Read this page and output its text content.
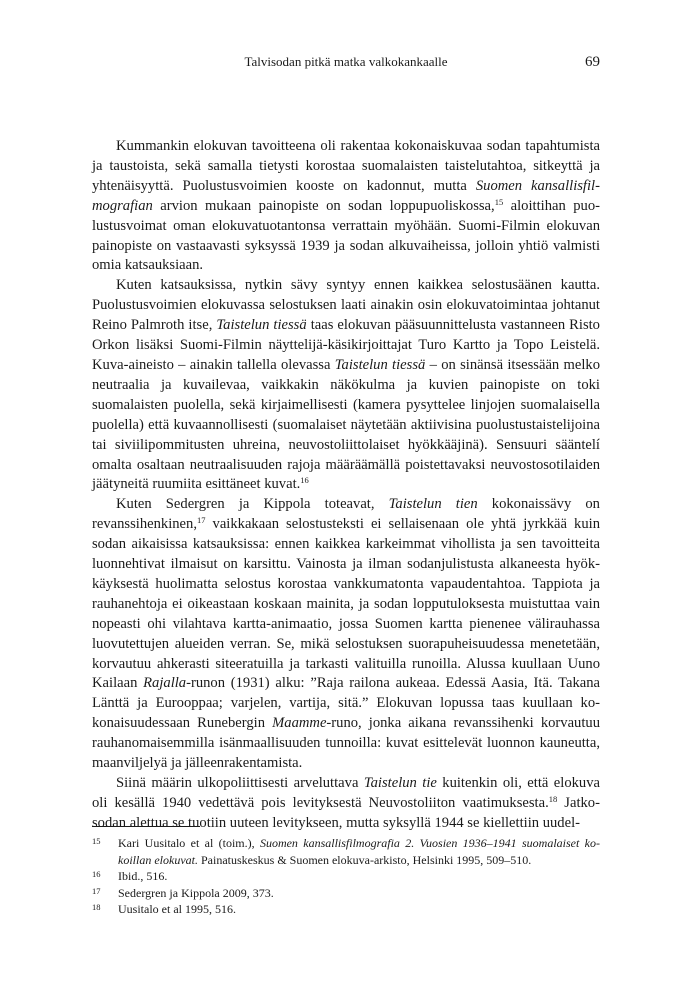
Talvisodan pitkä matka valkokankaalle	69

Kummankin elokuvan tavoitteena oli rakentaa kokonaiskuvaa sodan tapahtumista ja taustoista, sekä samalla tietysti korostaa suomalaisten taistelutahtoa, sitkeyttä ja yhtenäisyyttä. Puolustusvoimien kooste on kadonnut, mutta Suomen kansallisfilmografian arvion mukaan painopiste on sodan loppupuoliskossa,$^{15}$ aloittihan puolustusvoimat oman elokuvatuotantonsa verrattain myöhään. Suomi-Filmin elokuvan painopiste on vastaavasti syksyssä 1939 ja sodan alkuvaiheissa, jolloin yhtiö valmisti omia katsauksiaan.

Kuten katsauksissa, nytkin sävy syntyy ennen kaikkea selostusäänen kautta. Puolustusvoimien elokuvassa selostuksen laati ainakin osin elokuvatoimintaa johtanut Reino Palmroth itse, Taistelun tiessä taas elokuvan pääsuunnittelusta vastanneen Risto Orkon lisäksi Suomi-Filmin näyttelijä-käsikirjoittajat Turo Kartto ja Topo Leistelä. Kuva-aineisto – ainakin tallella olevassa Taistelun tiessä – on sinänsä itsessään melko neutraalia ja kuvailevaa, vaikkakin näkökulma ja kuvien painopiste on toki suomalaisten puolella, sekä kirjaimellisesti (kamera pysyttelee linjojen suomalaisella puolella) että kuvaannollisesti (suomalaiset näytetään aktiivisina puolustustaistelijoina tai siviilipommitusten uhreina, neuvostoliittolaiset hyökkääjinä). Sensuuri sääntelí omalta osaltaan neutraalisuuden rajoja määräämällä poistettavaksi neuvostosotilaiden jäätyneitä ruumiita esittäneet kuvat.$^{16}$

Kuten Sedergren ja Kippola toteavat, Taistelun tien kokonaissävy on revanssihenkinen,$^{17}$ vaikkakaan selostusteksti ei sellaisenaan ole yhtä jyrkkää kuin sodan aikaisissa katsauksissa: ennen kaikkea karkeimmat vihollista ja sen tavoitteita luonnehtivat ilmaisut on karsittu. Vainosta ja ilman sodanjulistusta alkaneesta hyökkäyksestä huolimatta selostus korostaa vankkumatonta vapaudentahtoa. Tappiota ja rauhanehtoja ei oikeastaan koskaan mainita, ja sodan lopputuloksesta muistuttaa vain nopeasti ohi vilahtava kartta-animaatio, jossa Suomen kartta pienenee välirauhassa luovutettujen alueiden verran. Se, mikä selostuksen suorapuheisuudessa menetetään, korvautuu ahkerasti siteeratuilla ja tarkasti valituilla runoilla. Alussa kuullaan Uuno Kailaan Rajalla-runon (1931) alku: ”Raja railona aukeaa. Edessä Aasia, Itä. Takana Länttä ja Eurooppaa; varjelen, vartija, sitä.” Elokuvan lopussa taas kuullaan kokonaisuudessaan Runebergin Maamme-runo, jonka aikana revanssihenki korvautuu rauhanomaisemmilla isänmaallisuuden tunnoilla: kuvat esittelevät luonnon kauneutta, maanviljelyä ja jälleenrakentamista.

Siinä määrin ulkopoliittisesti arveluttava Taistelun tie kuitenkin oli, että elokuva oli kesällä 1940 vedettävä pois levityksestä Neuvostoliiton vaatimuksesta.$^{18}$ Jatkosodan alettua se tuotiin uuteen levitykseen, mutta syksyllä 1944 se kiellettiin uudel-

15 Kari Uusitalo et al (toim.), Suomen kansallisfilmografia 2. Vuosien 1936–1941 suomalaiset kokoillan elokuvat. Painatuskeskus & Suomen elokuva-arkisto, Helsinki 1995, 509–510.
16 Ibid., 516.
17 Sedergren ja Kippola 2009, 373.
18 Uusitalo et al 1995, 516.
